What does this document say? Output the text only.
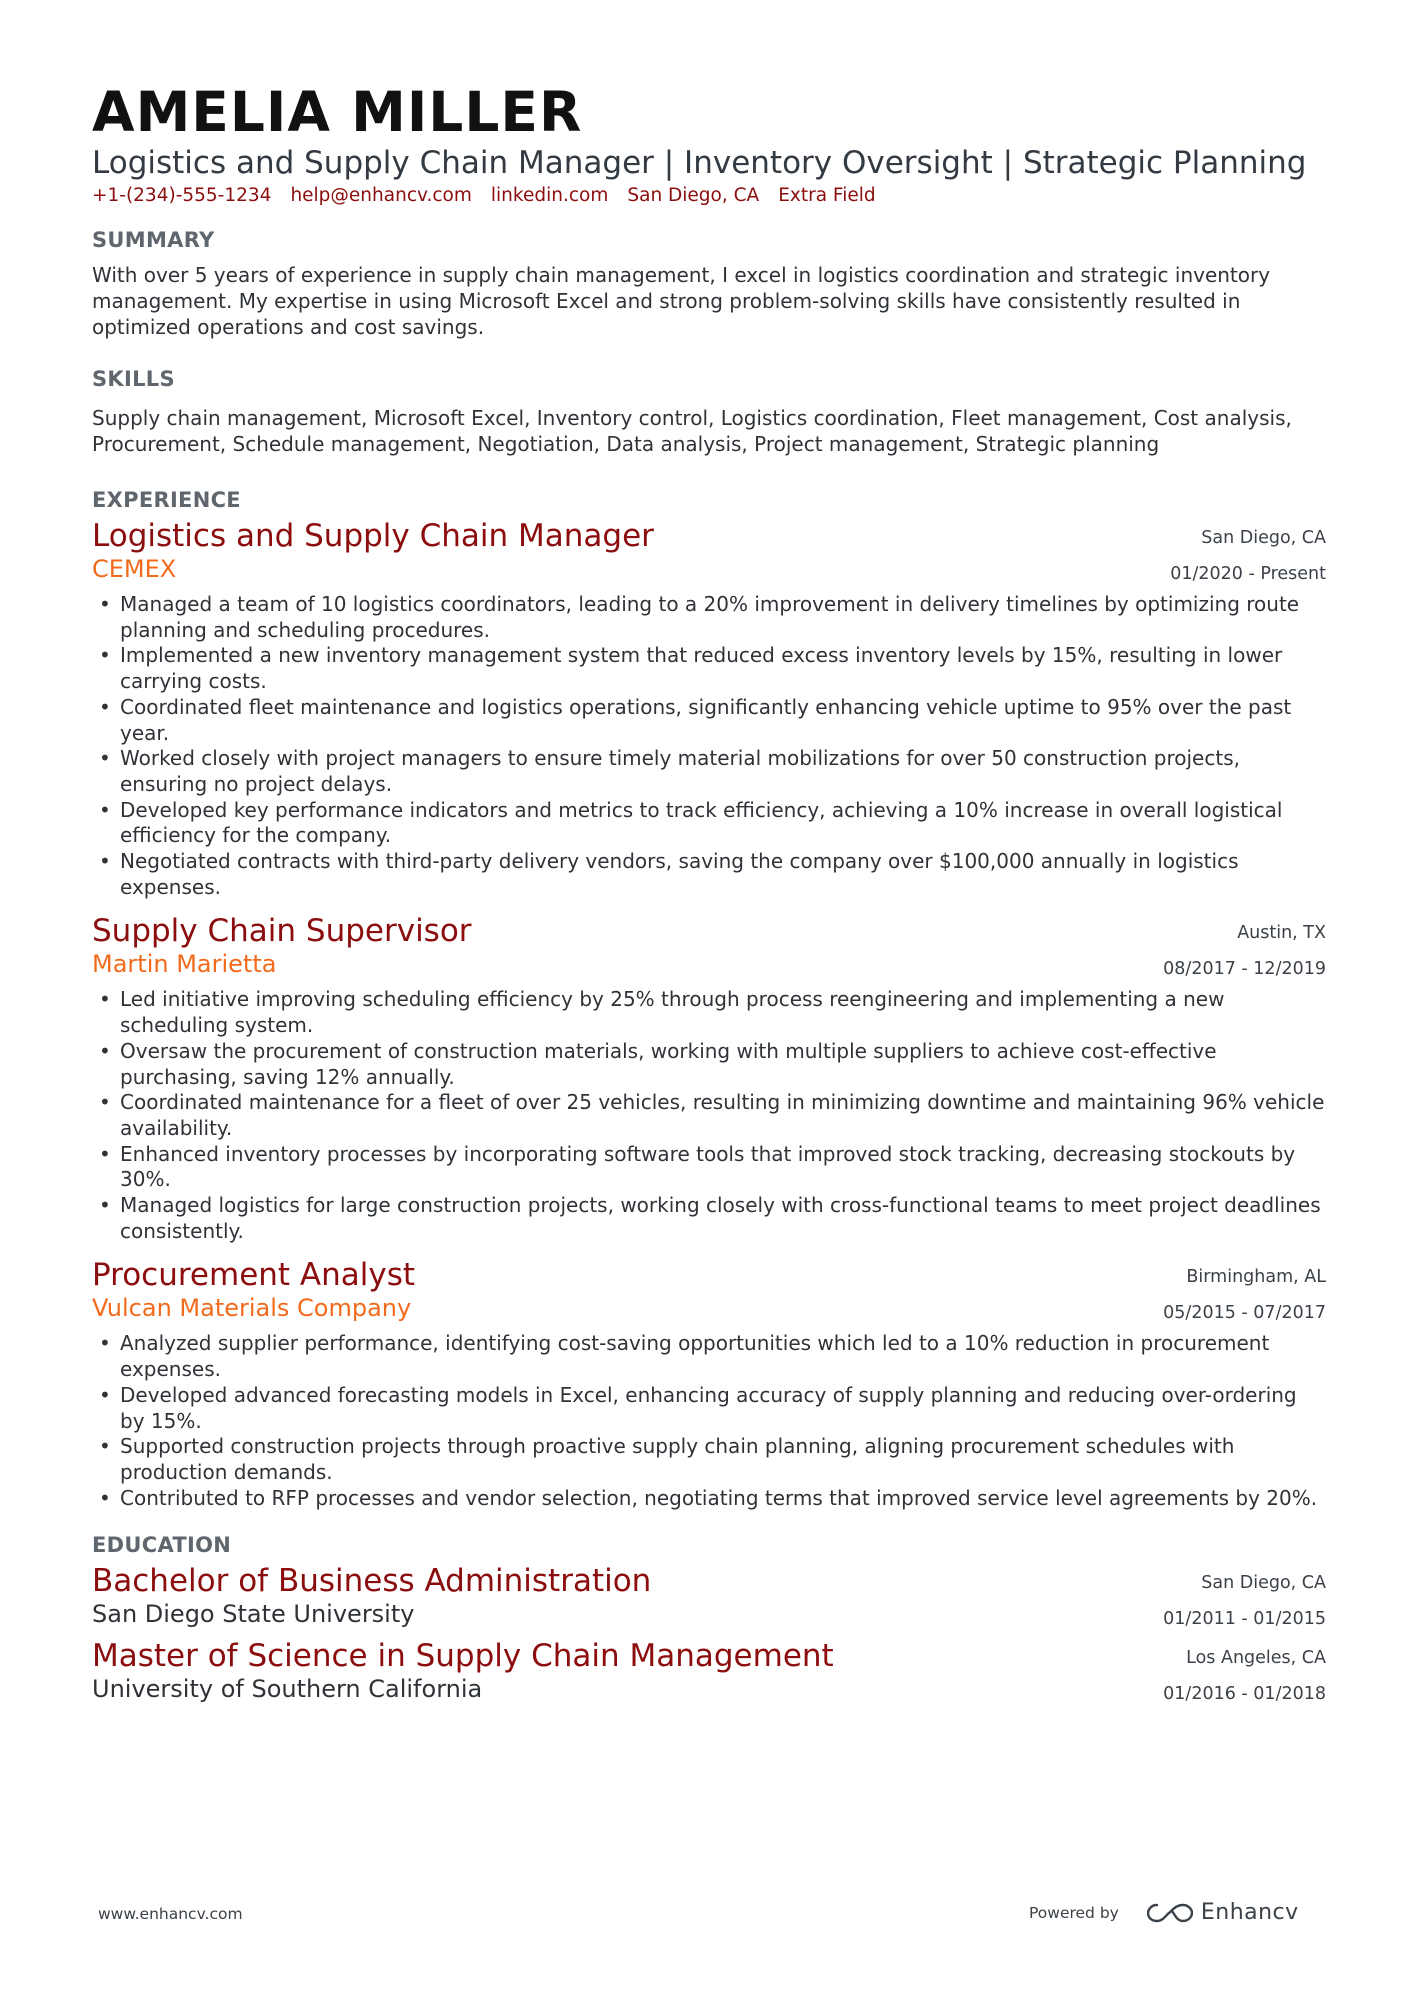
AMELIA MILLER
Logistics and Supply Chain Manager | Inventory Oversight | Strategic Planning
+1-(234)-555-1234 help@enhancv.com linkedin.com San Diego, CA Extra Field
SUMMARY

With over 5 years of experience in supply chain management, I excel in logistics coordination and strategic inventory management. My expertise in using Microsoft Excel and strong problem-solving skills have consistently resulted in optimized operations and cost savings.

SKILLS

Supply chain management, Microsoft Excel, Inventory control, Logistics coordination, Fleet management, Cost analysis, Procurement, Schedule management, Negotiation, Data analysis, Project management, Strategic planning

EXPERIENCE
Logistics and Supply Chain Manager
CEMEX
San Diego, CA
01/2020 - Present
• Managed a team of 10 logistics coordinators, leading to a 20% improvement in delivery timelines by optimizing route planning and scheduling procedures.
• Implemented a new inventory management system that reduced excess inventory levels by 15%, resulting in lower carrying costs.
• Coordinated fleet maintenance and logistics operations, significantly enhancing vehicle uptime to 95% over the past year.
• Worked closely with project managers to ensure timely material mobilizations for over 50 construction projects, ensuring no project delays.
• Developed key performance indicators and metrics to track efficiency, achieving a 10% increase in overall logistical efficiency for the company.
• Negotiated contracts with third-party delivery vendors, saving the company over $100,000 annually in logistics expenses.
Supply Chain Supervisor
Martin Marietta
Austin, TX
08/2017 - 12/2019
• Led initiative improving scheduling efficiency by 25% through process reengineering and implementing a new scheduling system.
• Oversaw the procurement of construction materials, working with multiple suppliers to achieve cost-effective purchasing, saving 12% annually.
• Coordinated maintenance for a fleet of over 25 vehicles, resulting in minimizing downtime and maintaining 96% vehicle availability.
• Enhanced inventory processes by incorporating software tools that improved stock tracking, decreasing stockouts by 30%.
• Managed logistics for large construction projects, working closely with cross-functional teams to meet project deadlines consistently.
Procurement Analyst
Vulcan Materials Company
Birmingham, AL
05/2015 - 07/2017
• Analyzed supplier performance, identifying cost-saving opportunities which led to a 10% reduction in procurement expenses.
• Developed advanced forecasting models in Excel, enhancing accuracy of supply planning and reducing over-ordering by 15%.
• Supported construction projects through proactive supply chain planning, aligning procurement schedules with production demands.
• Contributed to RFP processes and vendor selection, negotiating terms that improved service level agreements by 20%.
EDUCATION
Bachelor of Business Administration
San Diego State University
San Diego, CA
01/2011 - 01/2015
Master of Science in Supply Chain Management
University of Southern California
Los Angeles, CA
01/2016 - 01/2018
www.enhancv.com	Powered by	Enhancv
